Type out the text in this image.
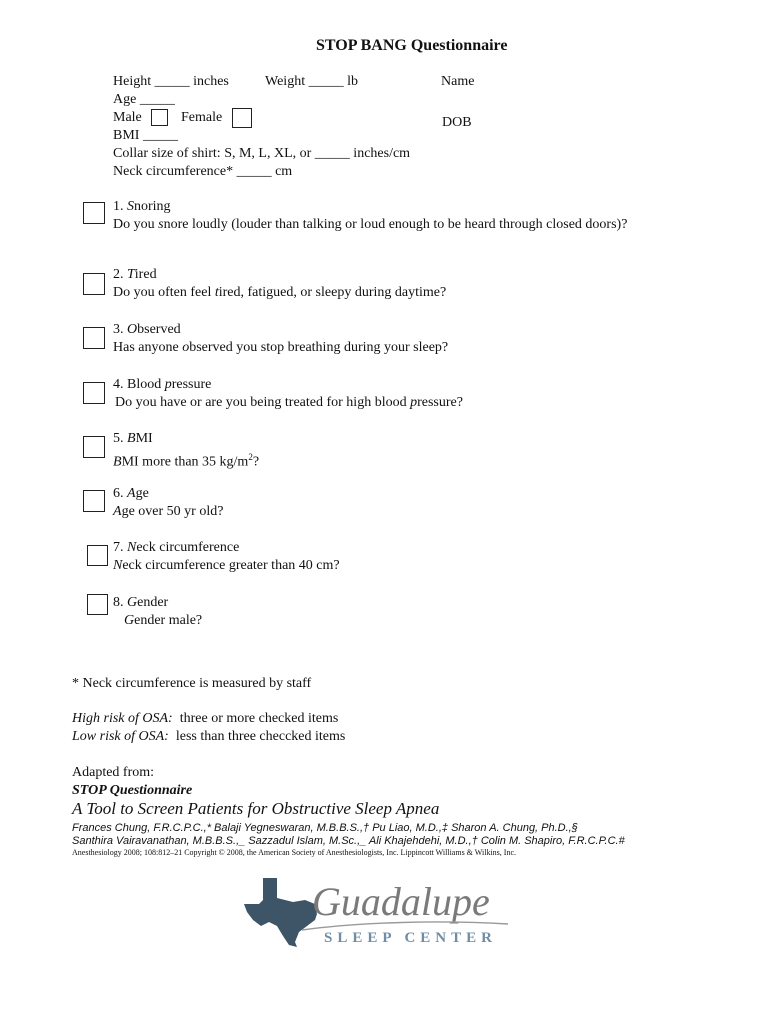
STOP BANG Questionnaire
Height _____ inches	Weight _____ lb	Name
Age _____
Male	Female	DOB
BMI _____
Collar size of shirt: S, M, L, XL, or _____ inches/cm
Neck circumference* _____ cm
1. Snoring
Do you snore loudly (louder than talking or loud enough to be heard through closed doors)?
2. Tired
Do you often feel tired, fatigued, or sleepy during daytime?
3. Observed
Has anyone observed you stop breathing during your sleep?
4. Blood pressure
Do you have or are you being treated for high blood pressure?
5. BMI
BMI more than 35 $kg/m^2$?
6. Age
Age over 50 yr old?
7. Neck circumference
Neck circumference greater than 40 cm?
8. Gender
Gender male?
* Neck circumference is measured by staff
High risk of OSA:  three or more checked items
Low risk of OSA:  less than three checcked items
Adapted from:
STOP Questionnaire
A Tool to Screen Patients for Obstructive Sleep Apnea
Frances Chung, F.R.C.P.C.,* Balaji Yegneswaran, M.B.B.S.,† Pu Liao, M.D.,‡ Sharon A. Chung, Ph.D.,§
Santhira Vairavanathan, M.B.B.S.,_ Sazzadul Islam, M.Sc.,_ Ali Khajehdehi, M.D.,† Colin M. Shapiro, F.R.C.P.C.#
Anesthesiology 2008; 108:812–21 Copyright © 2008, the American Society of Anesthesiologists, Inc. Lippincott Williams & Wilkins, Inc.
Guadalupe
SLEEP CENTER
